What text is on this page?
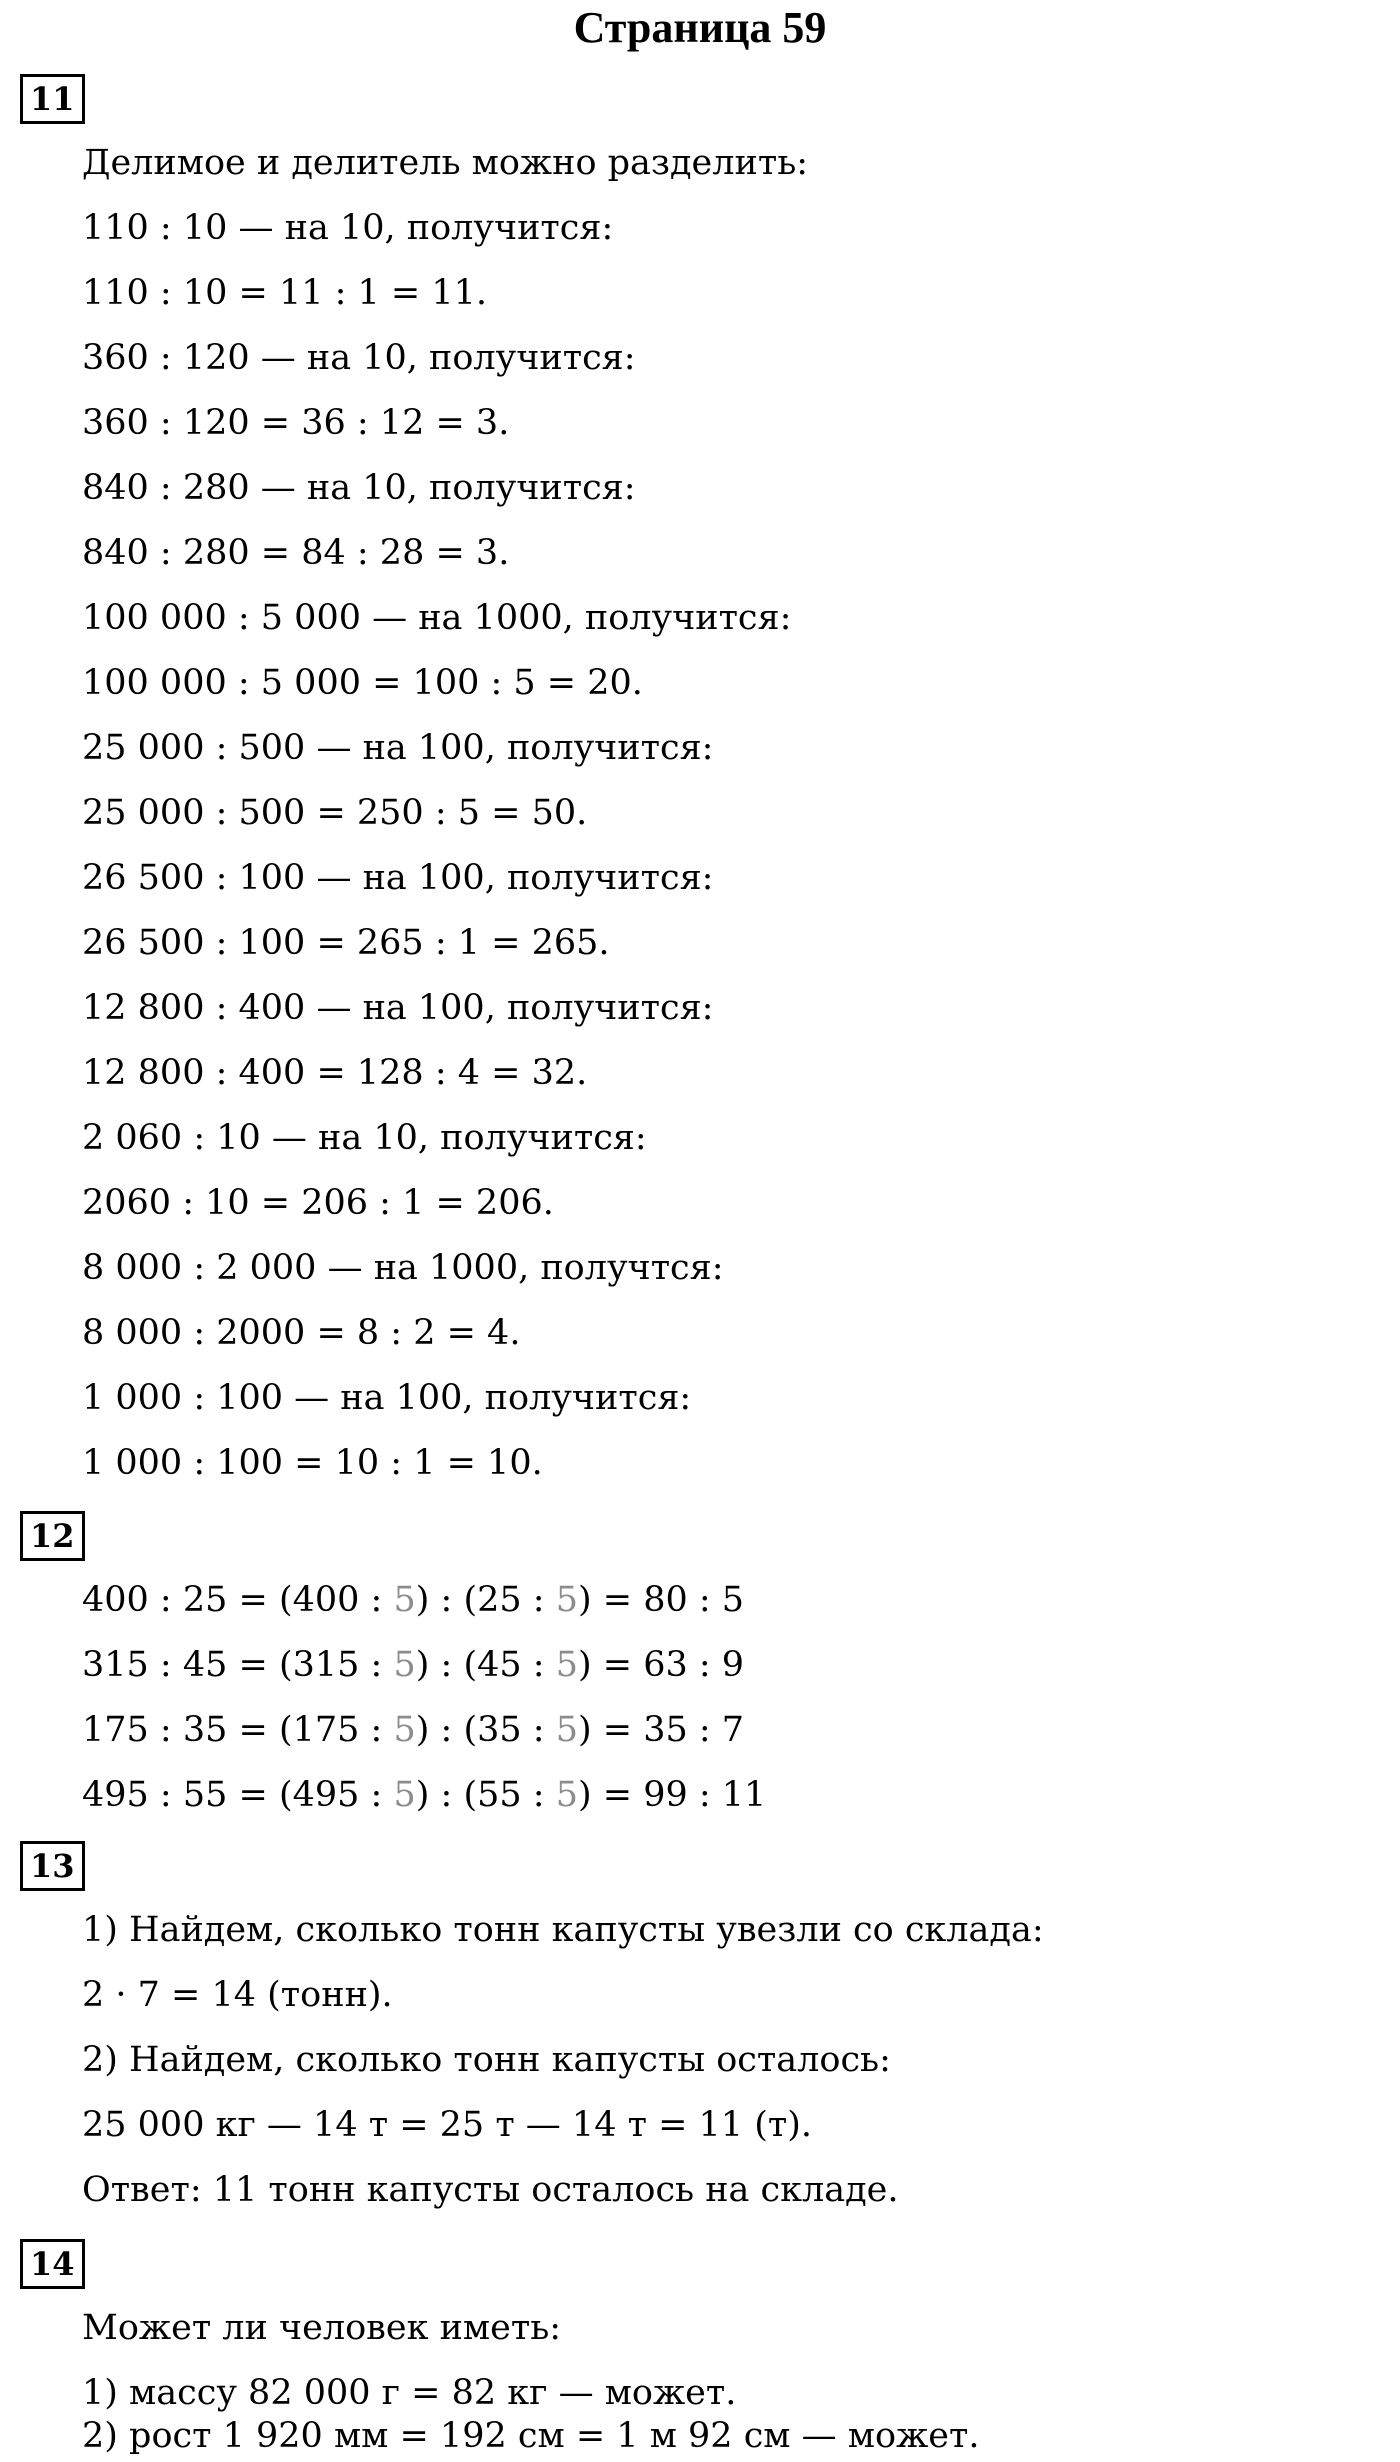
Страница 59
11
Делимое и делитель можно разделить:
110 : 10 — на 10, получится:
110 : 10 = 11 : 1 = 11.
360 : 120 — на 10, получится:
360 : 120 = 36 : 12 = 3.
840 : 280 — на 10, получится:
840 : 280 = 84 : 28 = 3.
100 000 : 5 000 — на 1000, получится:
100 000 : 5 000 = 100 : 5 = 20.
25 000 : 500 — на 100, получится:
25 000 : 500 = 250 : 5 = 50.
26 500 : 100 — на 100, получится:
26 500 : 100 = 265 : 1 = 265.
12 800 : 400 — на 100, получится:
12 800 : 400 = 128 : 4 = 32.
2 060 : 10 — на 10, получится:
2060 : 10 = 206 : 1 = 206.
8 000 : 2 000 — на 1000, получтся:
8 000 : 2000 = 8 : 2 = 4.
1 000 : 100 — на 100, получится:
1 000 : 100 = 10 : 1 = 10.
12
400 : 25 = (400 : 5) : (25 : 5) = 80 : 5
315 : 45 = (315 : 5) : (45 : 5) = 63 : 9
175 : 35 = (175 : 5) : (35 : 5) = 35 : 7
495 : 55 = (495 : 5) : (55 : 5) = 99 : 11
13
1) Найдем, сколько тонн капусты увезли со склада:
2 · 7 = 14 (тонн).
2) Найдем, сколько тонн капусты осталось:
25 000 кг — 14 т = 25 т — 14 т = 11 (т).
Ответ: 11 тонн капусты осталось на складе.
14
Может ли человек иметь:
1) массу 82 000 г = 82 кг — может.
2) рост 1 920 мм = 192 см = 1 м 92 см — может.
